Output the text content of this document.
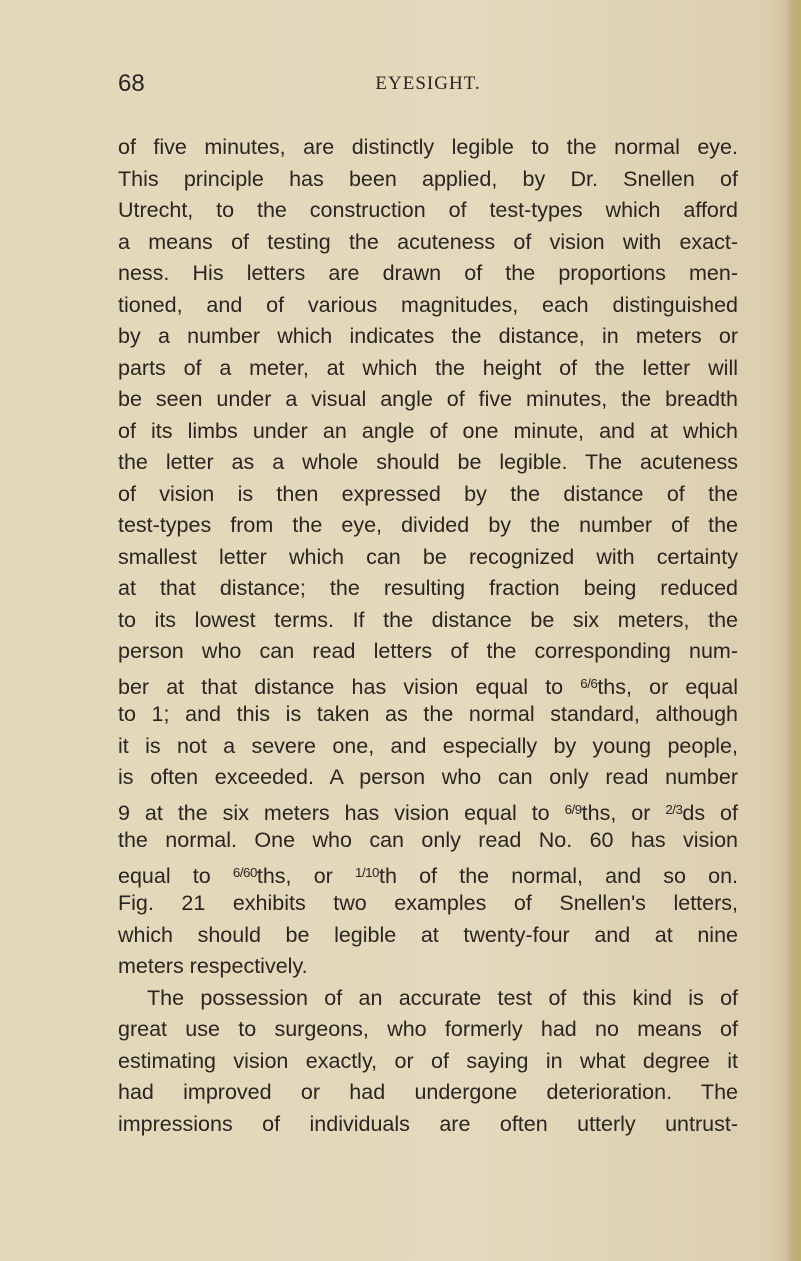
68	EYESIGHT.
of five minutes, are distinctly legible to the normal eye.
This principle has been applied, by Dr. Snellen of
Utrecht, to the construction of test-types which afford
a means of testing the acuteness of vision with exact-
ness. His letters are drawn of the proportions men-
tioned, and of various magnitudes, each distinguished
by a number which indicates the distance, in meters or
parts of a meter, at which the height of the letter will
be seen under a visual angle of five minutes, the breadth
of its limbs under an angle of one minute, and at which
the letter as a whole should be legible. The acuteness
of vision is then expressed by the distance of the
test-types from the eye, divided by the number of the
smallest letter which can be recognized with certainty
at that distance; the resulting fraction being reduced
to its lowest terms. If the distance be six meters, the
person who can read letters of the corresponding num-
ber at that distance has vision equal to $^{6/6}$ths, or equal
to 1; and this is taken as the normal standard, although
it is not a severe one, and especially by young people,
is often exceeded. A person who can only read number
9 at the six meters has vision equal to $^{6/9}$ths, or $^{2/3}$ds of
the normal. One who can only read No. 60 has vision
equal to $^{6/60}$ths, or $^{1/10}$th of the normal, and so on.
Fig. 21 exhibits two examples of Snellen's letters,
which should be legible at twenty-four and at nine
meters respectively.
The possession of an accurate test of this kind is of
great use to surgeons, who formerly had no means of
estimating vision exactly, or of saying in what degree it
had improved or had undergone deterioration. The
impressions of individuals are often utterly untrust-
